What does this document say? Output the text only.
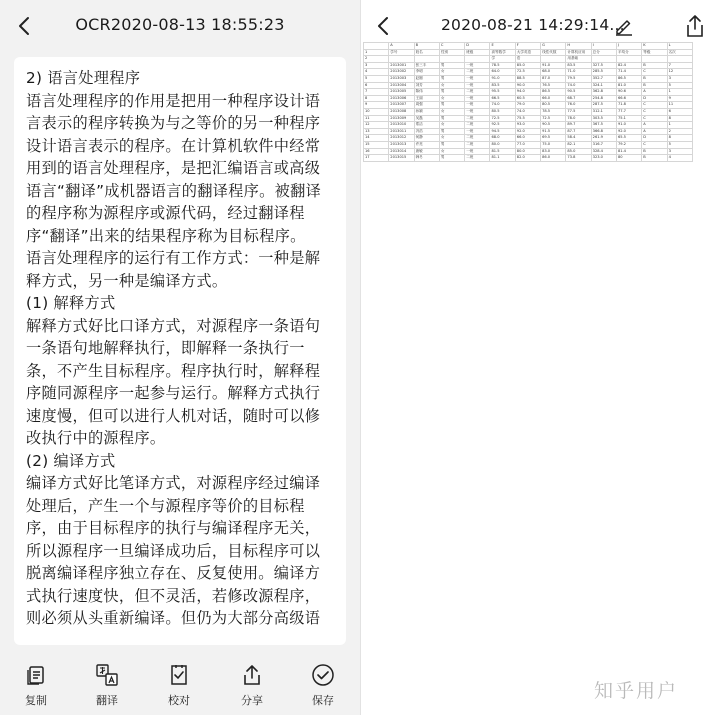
OCR2020-08-13 18:55:23

2) 语言处理程序
语言处理程序的作用是把用一种程序设计语言表示的程序转换为与之等价的另一种程序设计语言表示的程序。在计算机软件中经常用到的语言处理程序，是把汇编语言或高级语言“翻译”成机器语言的翻译程序。被翻译的程序称为源程序或源代码，经过翻译程序“翻译”出来的结果程序称为目标程序。
语言处理程序的运行有工作方式：一种是解释方式，另一种是编译方式。
(1) 解释方式
解释方式好比口译方式，对源程序一条语句一条语句地解释执行，即解释一条执行一条，不产生目标程序。程序执行时，解释程序随同源程序一起参与运行。解释方式执行速度慢，但可以进行人机对话，随时可以修改执行中的源程序。
(2) 编译方式
编译方式好比笔译方式，对源程序经过编译处理后，产生一个与源程序等价的目标程序，由于目标程序的执行与编译程序无关，所以源程序一旦编译成功后，目标程序可以脱离编译程序独立存在、反复使用。编译方式执行速度快，但不灵活，若修改源程序，则必须从头重新编译。但仍为大部分高级语

复制	翻译	校对	分享	保存
2020-08-21 14:29:14...
	A	B	C	D	E	F	G	H	I	J	K	L
1	学号	姓名	性别	班级	高等数学	大学英语	线性代数	计算机应用	总分	平均分	等级	名次
2					学	语		用基础				
3	2013001	张三丰	男	一班	78.5	85.0	91.0	83.5	327.5	82.4	B	7
4	2013002	李明	女	二班	64.0	72.5	68.0	71.0	285.5	71.4	C	12
5	2013003	赵刚	男	一班	91.0	88.5	87.0	79.5	352.7	86.5	B	3
6	2013004	刘芳	女	一班	83.5	90.0	76.5	74.0	324.1	81.0	B	5
7	2013005	陈伟	男	二班	95.5	94.0	86.5	90.5	362.8	90.6	A	1
8	2013006	王丽	女	一班	66.5	60.5	66.0	68.7	254.8	66.6	D	9
9	2013007	周强	男	一班	74.0	79.0	80.5	76.0	287.5	71.8	C	11
10	2013008	孙颖	女	一班	80.5	74.0	78.5	77.5	312.1	77.7	C	6
11	2013009	吴磊	男	二班	72.5	75.5	72.5	78.0	303.5	75.1	C	8
12	2013010	郑洁	女	二班	92.5	93.0	90.5	89.7	367.5	91.0	A	1
13	2013011	冯浩	男	一班	94.5	92.0	91.5	87.7	366.8	92.0	A	2
14	2013012	何静	女	二班	68.0	66.0	69.5	58.4	261.9	65.5	D	8
15	2013013	许亮	男	二班	80.0	77.0	75.0	82.1	316.7	79.2	C	5
16	2013014	唐敏	女	一班	81.5	80.0	83.0	85.0	328.4	81.4	B	3
17	2013015	韩冬	男	二班	81.1	82.0	86.0	73.8	323.0	80	B	4
知乎用户
